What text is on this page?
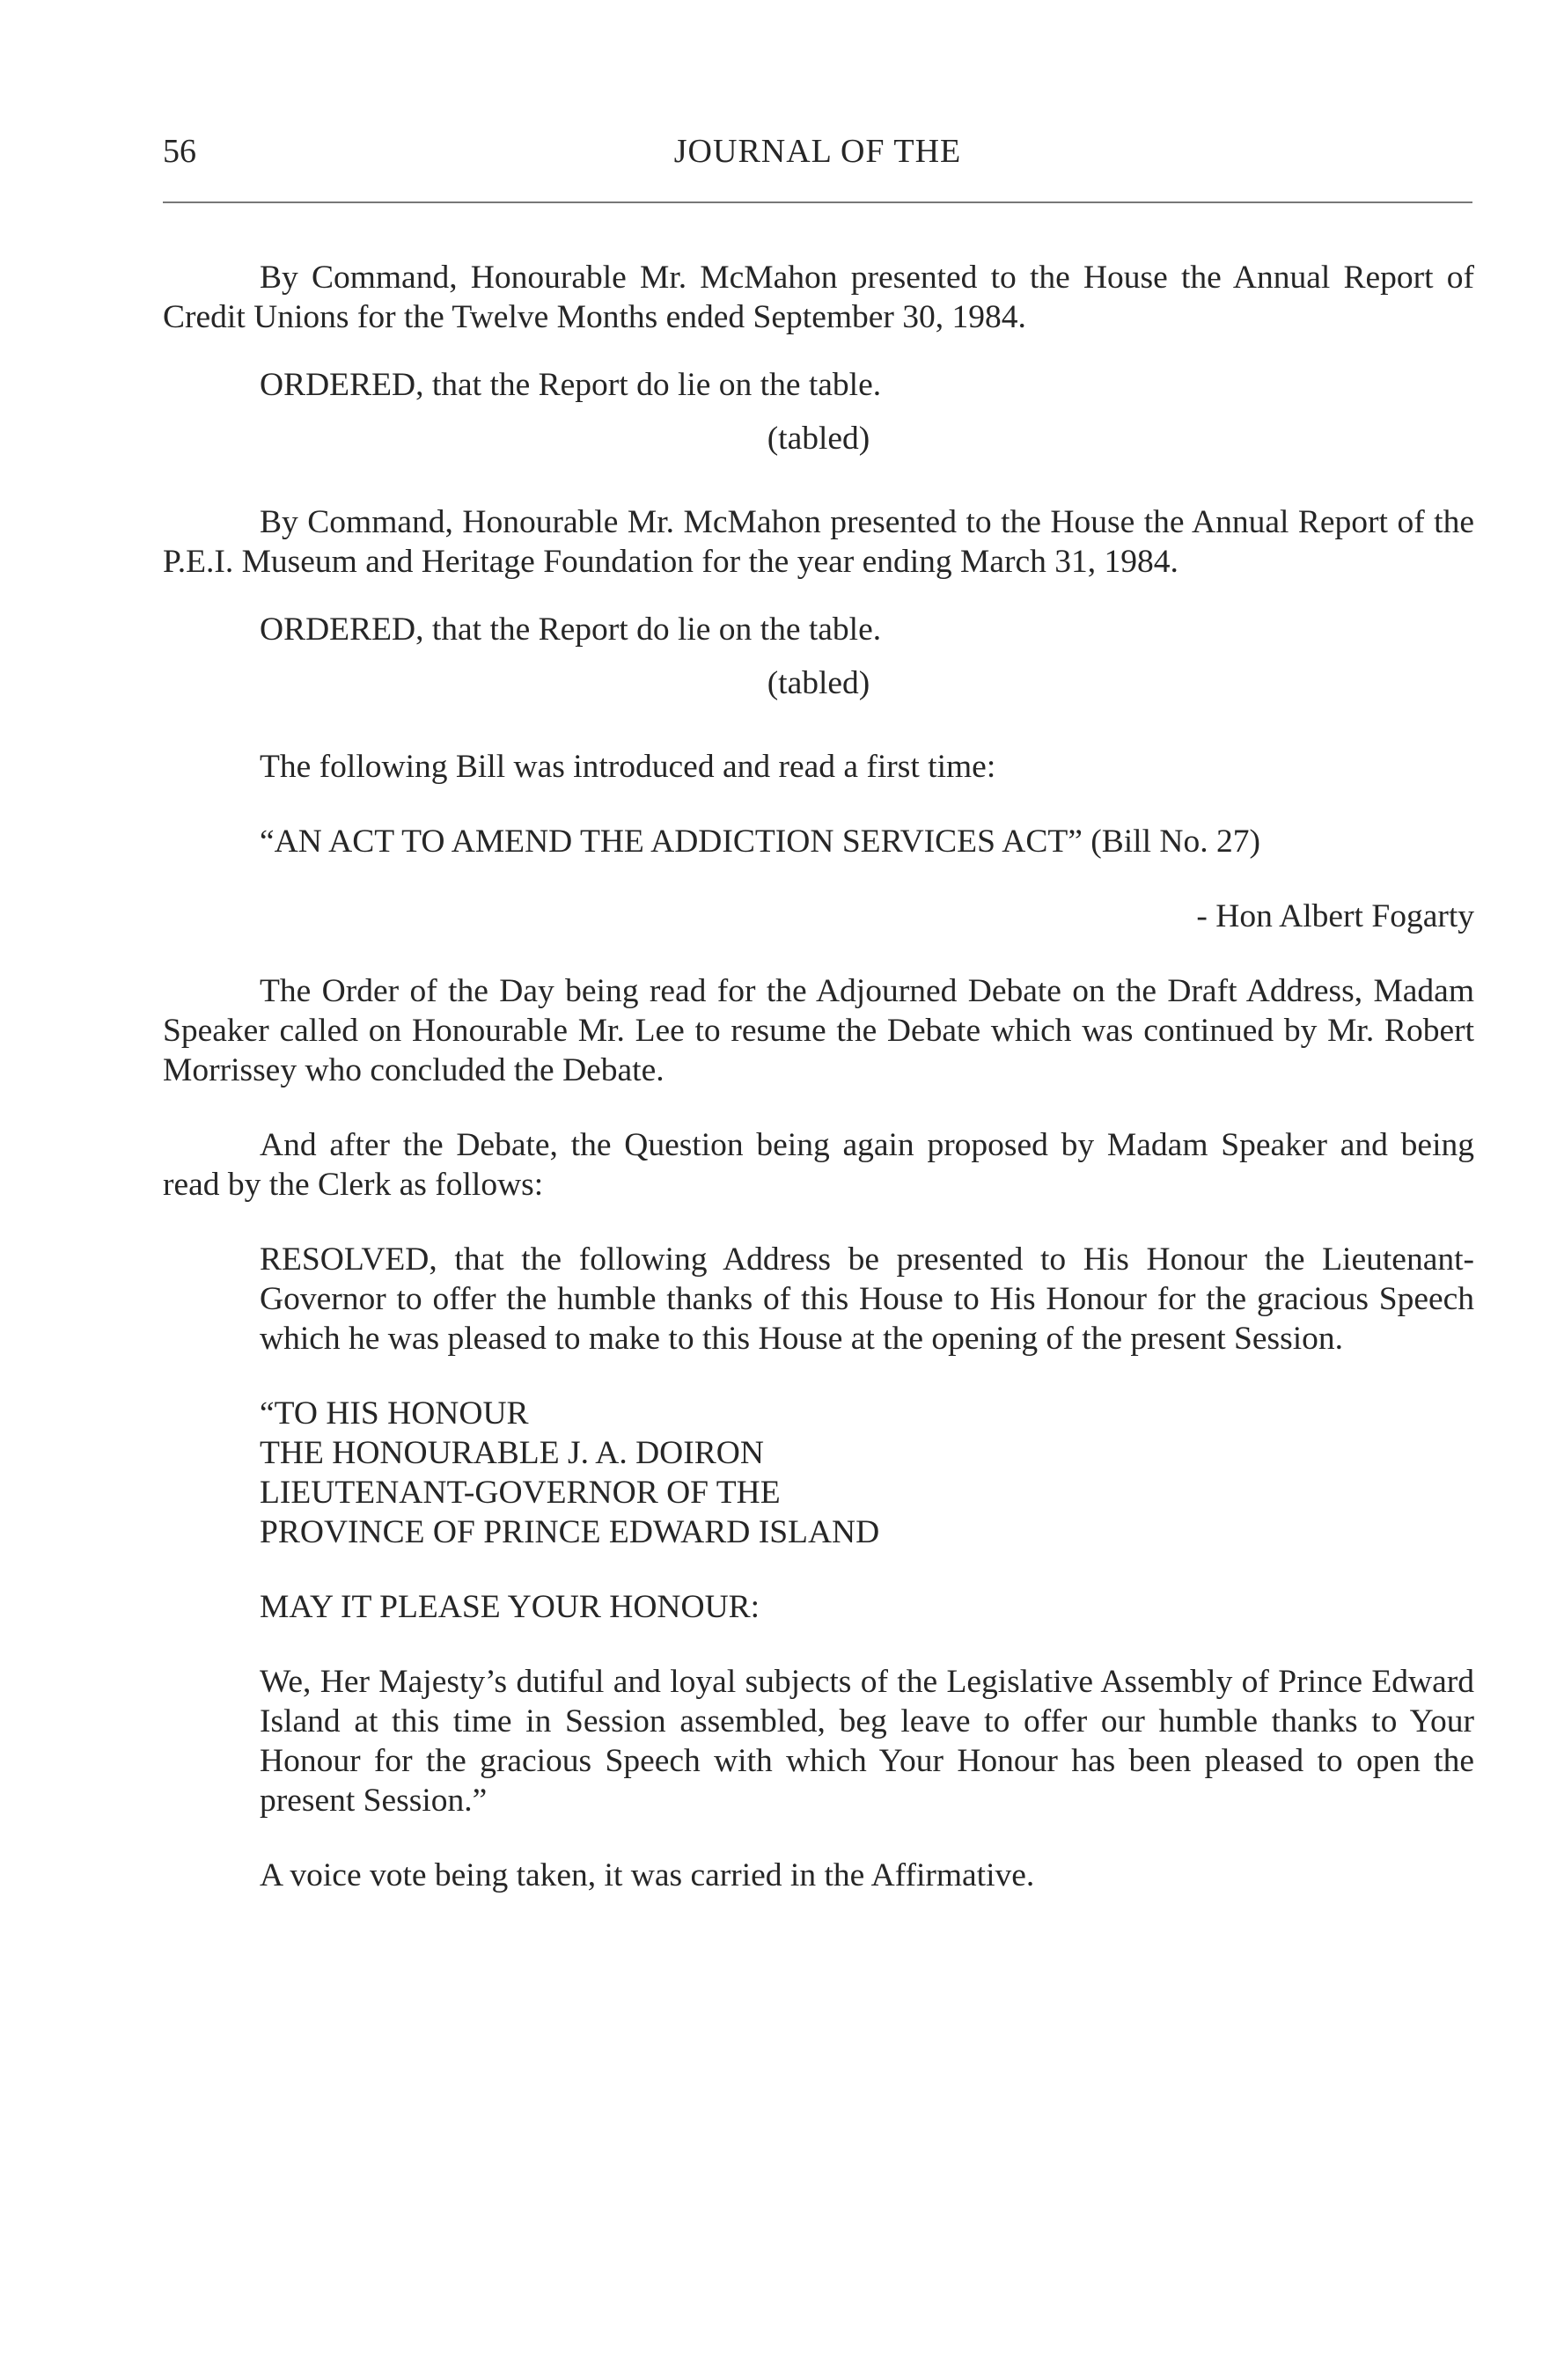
56	JOURNAL OF THE

By Command, Honourable Mr. McMahon presented to the House the Annual Report of Credit Unions for the Twelve Months ended September 30, 1984.

ORDERED, that the Report do lie on the table.

(tabled)

By Command, Honourable Mr. McMahon presented to the House the Annual Report of the P.E.I. Museum and Heritage Foundation for the year ending March 31, 1984.

ORDERED, that the Report do lie on the table.

(tabled)

The following Bill was introduced and read a first time:

“AN ACT TO AMEND THE ADDICTION SERVICES ACT” (Bill No. 27)

- Hon Albert Fogarty

The Order of the Day being read for the Adjourned Debate on the Draft Address, Madam Speaker called on Honourable Mr. Lee to resume the Debate which was continued by Mr. Robert Morrissey who concluded the Debate.

And after the Debate, the Question being again proposed by Madam Speaker and being read by the Clerk as follows:

RESOLVED, that the following Address be presented to His Honour the Lieutenant-Governor to offer the humble thanks of this House to His Honour for the gracious Speech which he was pleased to make to this House at the opening of the present Session.

“TO HIS HONOUR
THE HONOURABLE J. A. DOIRON
LIEUTENANT-GOVERNOR OF THE
PROVINCE OF PRINCE EDWARD ISLAND

MAY IT PLEASE YOUR HONOUR:

We, Her Majesty’s dutiful and loyal subjects of the Legislative Assembly of Prince Edward Island at this time in Session assembled, beg leave to offer our humble thanks to Your Honour for the gracious Speech with which Your Honour has been pleased to open the present Session.”

A voice vote being taken, it was carried in the Affirmative.
